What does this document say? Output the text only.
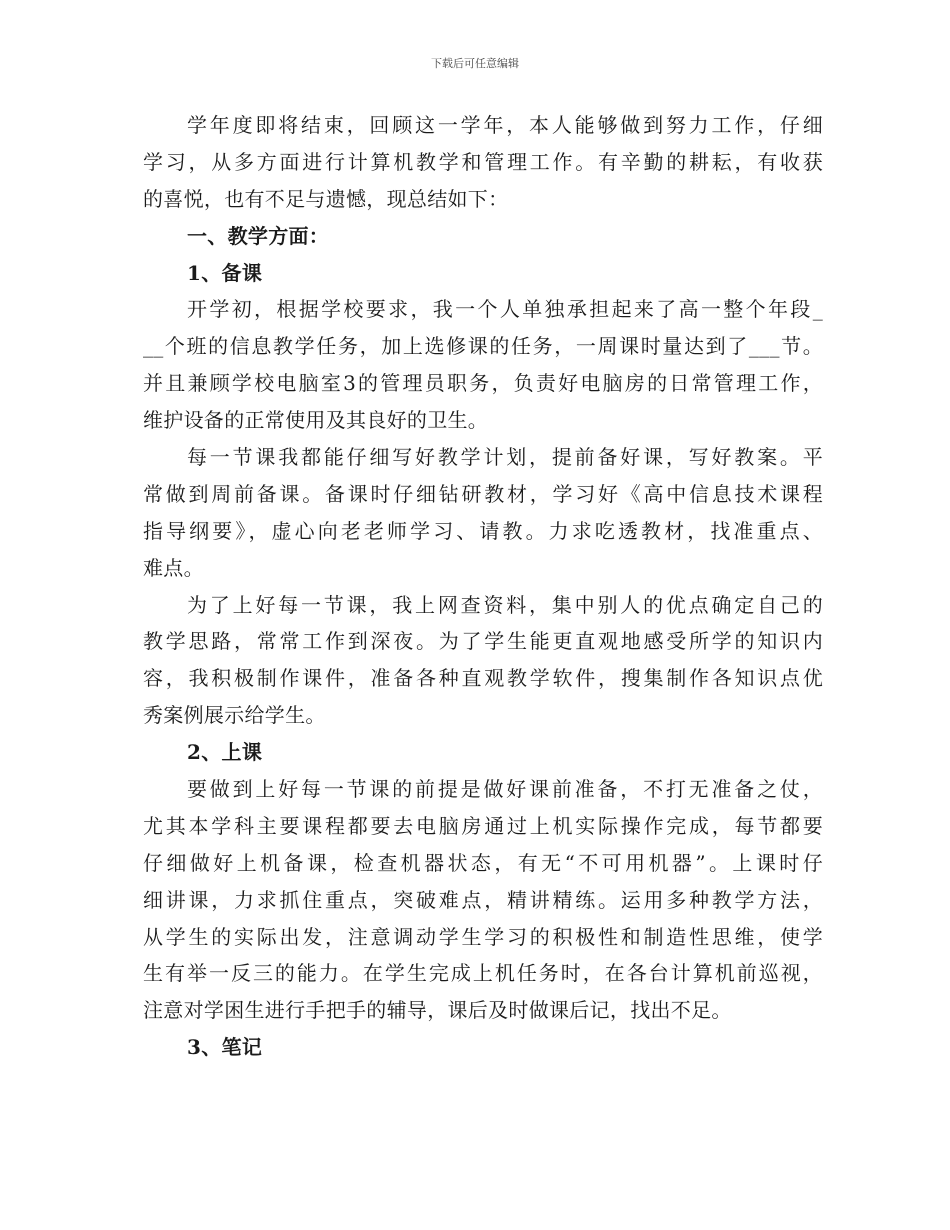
下载后可任意编辑
学年度即将结束，回顾这一学年，本人能够做到努力工作，仔细
学习，从多方面进行计算机教学和管理工作。有辛勤的耕耘，有收获
的喜悦，也有不足与遗憾，现总结如下：
一、教学方面：
1、备课
开学初，根据学校要求，我一个人单独承担起来了高一整个年段_
__个班的信息教学任务，加上选修课的任务，一周课时量达到了___节。
并且兼顾学校电脑室3的管理员职务，负责好电脑房的日常管理工作，
维护设备的正常使用及其良好的卫生。
每一节课我都能仔细写好教学计划，提前备好课，写好教案。平
常做到周前备课。备课时仔细钻研教材，学习好《高中信息技术课程
指导纲要》，虚心向老老师学习、请教。力求吃透教材，找准重点、
难点。
为了上好每一节课，我上网查资料，集中别人的优点确定自己的
教学思路，常常工作到深夜。为了学生能更直观地感受所学的知识内
容，我积极制作课件，准备各种直观教学软件，搜集制作各知识点优
秀案例展示给学生。
2、上课
要做到上好每一节课的前提是做好课前准备，不打无准备之仗，
尤其本学科主要课程都要去电脑房通过上机实际操作完成，每节都要
仔细做好上机备课，检查机器状态，有无“不可用机器”。上课时仔
细讲课，力求抓住重点，突破难点，精讲精练。运用多种教学方法，
从学生的实际出发，注意调动学生学习的积极性和制造性思维，使学
生有举一反三的能力。在学生完成上机任务时，在各台计算机前巡视，
注意对学困生进行手把手的辅导，课后及时做课后记，找出不足。
3、笔记
